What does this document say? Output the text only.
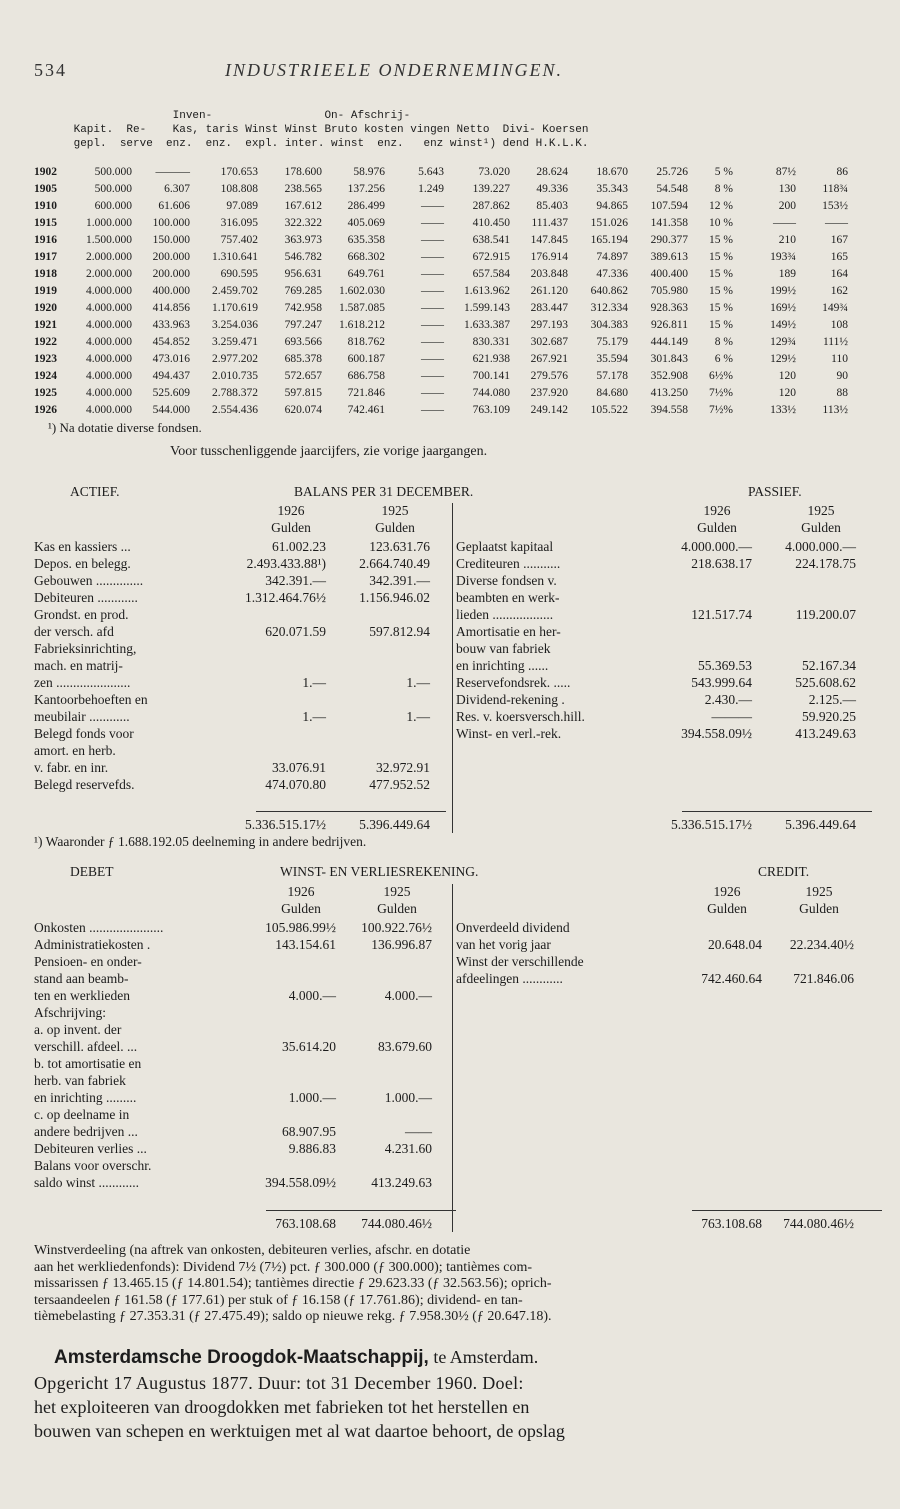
534	INDUSTRIEELE ONDERNEMINGEN.
Inven-                 On- Afschrij-
Kapit.  Re-    Kas, taris Winst Winst Bruto kosten vingen Netto  Divi- Koersen
gepl.  serve  enz.  enz.  expl. inter. winst  enz.   enz winst¹) dend H.K.L.K.
1902	500.000	———	170.653	178.600	58.976	5.643	73.020	28.624	18.670	25.726	5 %	87½	86
1905	500.000	6.307	108.808	238.565	137.256	1.249	139.227	49.336	35.343	54.548	8 %	130	118¾
1910	600.000	61.606	97.089	167.612	286.499	——	287.862	85.403	94.865	107.594	12 %	200	153½
1915	1.000.000	100.000	316.095	322.322	405.069	——	410.450	111.437	151.026	141.358	10 %	——	——
1916	1.500.000	150.000	757.402	363.973	635.358	——	638.541	147.845	165.194	290.377	15 %	210	167
1917	2.000.000	200.000	1.310.641	546.782	668.302	——	672.915	176.914	74.897	389.613	15 %	193¾	165
1918	2.000.000	200.000	690.595	956.631	649.761	——	657.584	203.848	47.336	400.400	15 %	189	164
1919	4.000.000	400.000	2.459.702	769.285	1.602.030	——	1.613.962	261.120	640.862	705.980	15 %	199½	162
1920	4.000.000	414.856	1.170.619	742.958	1.587.085	——	1.599.143	283.447	312.334	928.363	15 %	169½	149¾
1921	4.000.000	433.963	3.254.036	797.247	1.618.212	——	1.633.387	297.193	304.383	926.811	15 %	149½	108
1922	4.000.000	454.852	3.259.471	693.566	818.762	——	830.331	302.687	75.179	444.149	8 %	129¾	111½
1923	4.000.000	473.016	2.977.202	685.378	600.187	——	621.938	267.921	35.594	301.843	6 %	129½	110
1924	4.000.000	494.437	2.010.735	572.657	686.758	——	700.141	279.576	57.178	352.908	6½%	120	90
1925	4.000.000	525.609	2.788.372	597.815	721.846	——	744.080	237.920	84.680	413.250	7½%	120	88
1926	4.000.000	544.000	2.554.436	620.074	742.461	——	763.109	249.142	105.522	394.558	7½%	133½	113½
¹) Na dotatie diverse fondsen.
Voor tusschenliggende jaarcijfers, zie vorige jaargangen.
ACTIEF.	BALANS PER 31 DECEMBER.	PASSIEF.
1926
Gulden
1925
Gulden
1926
Gulden
1925
Gulden
Kas en kassiers ...	61.002.23	123.631.76
Depos. en belegg.	2.493.433.88¹)	2.664.740.49
Gebouwen ..............	342.391.—	342.391.—
Debiteuren ............	1.312.464.76½	1.156.946.02
Grondst. en prod.
der versch. afd	620.071.59	597.812.94
Fabrieksinrichting,
mach. en matrij-
zen ......................	1.—	1.—
Kantoorbehoeften en
meubilair ............	1.—	1.—
Belegd fonds voor
amort. en herb.
v. fabr. en inr.	33.076.91	32.972.91
Belegd reservefds.	474.070.80	477.952.52
Geplaatst kapitaal	4.000.000.—	4.000.000.—
Crediteuren ...........	218.638.17	224.178.75
Diverse fondsen v.
beambten en werk-
lieden ..................	121.517.74	119.200.07
Amortisatie en her-
bouw van fabriek
en inrichting ......	55.369.53	52.167.34
Reservefondsrek. .....	543.999.64	525.608.62
Dividend-rekening .	2.430.—	2.125.—
Res. v. koersversch.hill.	———	59.920.25
Winst- en verl.-rek.	394.558.09½	413.249.63
5.336.515.17½	5.396.449.64	5.336.515.17½	5.396.449.64
¹) Waaronder ƒ 1.688.192.05 deelneming in andere bedrijven.
DEBET	WINST- EN VERLIESREKENING.	CREDIT.
1926
Gulden
1925
Gulden
1926
Gulden
1925
Gulden
Onkosten ......................	105.986.99½	100.922.76½
Administratiekosten .	143.154.61	136.996.87
Pensioen- en onder-
stand aan beamb-
ten en werklieden	4.000.—	4.000.—
Afschrijving:
a. op invent. der
verschill. afdeel. ...	35.614.20	83.679.60
b. tot amortisatie en
herb. van fabriek
en inrichting .........	1.000.—	1.000.—
c. op deelname in
andere bedrijven ...	68.907.95	——
Debiteuren verlies ...	9.886.83	4.231.60
Balans voor overschr.
saldo winst ............	394.558.09½	413.249.63
Onverdeeld dividend
van het vorig jaar	20.648.04	22.234.40½
Winst der verschillende
afdeelingen ............	742.460.64	721.846.06
763.108.68	744.080.46½	763.108.68	744.080.46½
Winstverdeeling (na aftrek van onkosten, debiteuren verlies, afschr. en dotatie
aan het werkliedenfonds): Dividend 7½ (7½) pct. ƒ 300.000 (ƒ 300.000); tantièmes com-
missarissen ƒ 13.465.15 (ƒ 14.801.54); tantièmes directie ƒ 29.623.33 (ƒ 32.563.56); oprich-
tersaandeelen ƒ 161.58 (ƒ 177.61) per stuk of ƒ 16.158 (ƒ 17.761.86); dividend- en tan-
tièmebelasting ƒ 27.353.31 (ƒ 27.475.49); saldo op nieuwe rekg. ƒ 7.958.30½ (ƒ 20.647.18).
Amsterdamsche Droogdok-Maatschappij, te Amsterdam.
Opgericht 17 Augustus 1877. Duur: tot 31 December 1960. Doel:
het exploiteeren van droogdokken met fabrieken tot het herstellen en
bouwen van schepen en werktuigen met al wat daartoe behoort, de opslag
